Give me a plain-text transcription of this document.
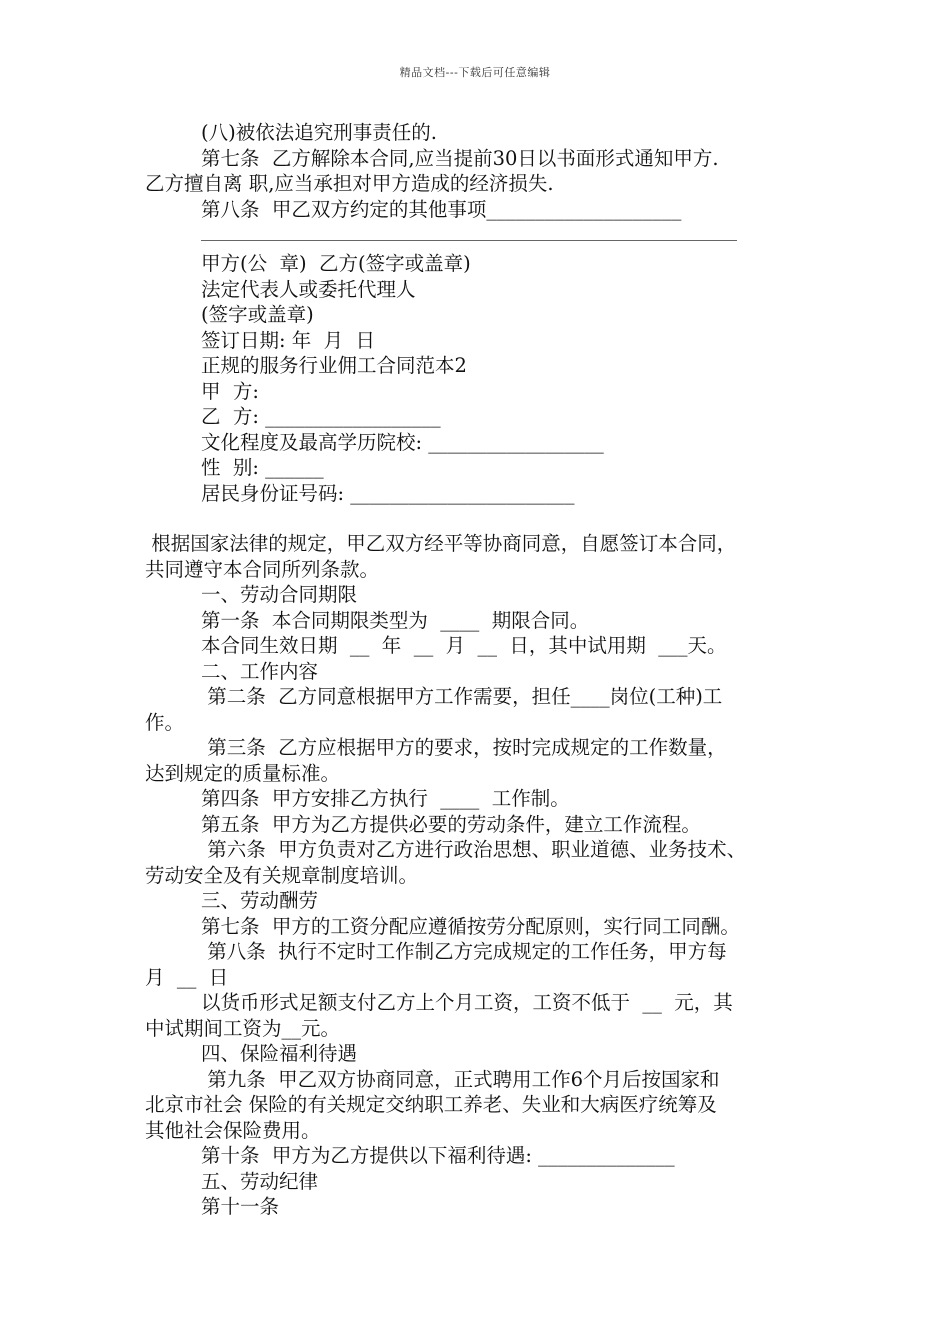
精品文档---下载后可任意编辑
(八)被依法追究刑事责任的.
第七条  乙方解除本合同,应当提前30日以书面形式通知甲方.
乙方擅自离 职,应当承担对甲方造成的经济损失.
第八条  甲乙双方约定的其他事项____________________
甲方(公  章)  乙方(签字或盖章)
法定代表人或委托代理人
(签字或盖章)
签订日期: 年  月  日
正规的服务行业佣工合同范本2
甲  方:
乙  方: __________________
文化程度及最高学历院校: __________________
性  别: ______
居民身份证号码: _______________________
根据国家法律的规定，甲乙双方经平等协商同意，自愿签订本合同，
共同遵守本合同所列条款。
一、劳动合同期限
第一条  本合同期限类型为  ____  期限合同。
本合同生效日期  __  年  __  月  __  日，其中试用期  ___天。
二、工作内容
第二条  乙方同意根据甲方工作需要，担任____岗位(工种)工
作。
第三条  乙方应根据甲方的要求，按时完成规定的工作数量，
达到规定的质量标准。
第四条  甲方安排乙方执行  ____  工作制。
第五条  甲方为乙方提供必要的劳动条件，建立工作流程。
第六条  甲方负责对乙方进行政治思想、职业道德、业务技术、
劳动安全及有关规章制度培训。
三、劳动酬劳
第七条  甲方的工资分配应遵循按劳分配原则，实行同工同酬。
第八条  执行不定时工作制乙方完成规定的工作任务，甲方每
月  __  日
以货币形式足额支付乙方上个月工资，工资不低于  __  元，其
中试期间工资为__元。
四、保险福利待遇
第九条  甲乙双方协商同意，正式聘用工作6个月后按国家和
北京市社会 保险的有关规定交纳职工养老、失业和大病医疗统筹及
其他社会保险费用。
第十条  甲方为乙方提供以下福利待遇: ______________
五、劳动纪律
第十一条
